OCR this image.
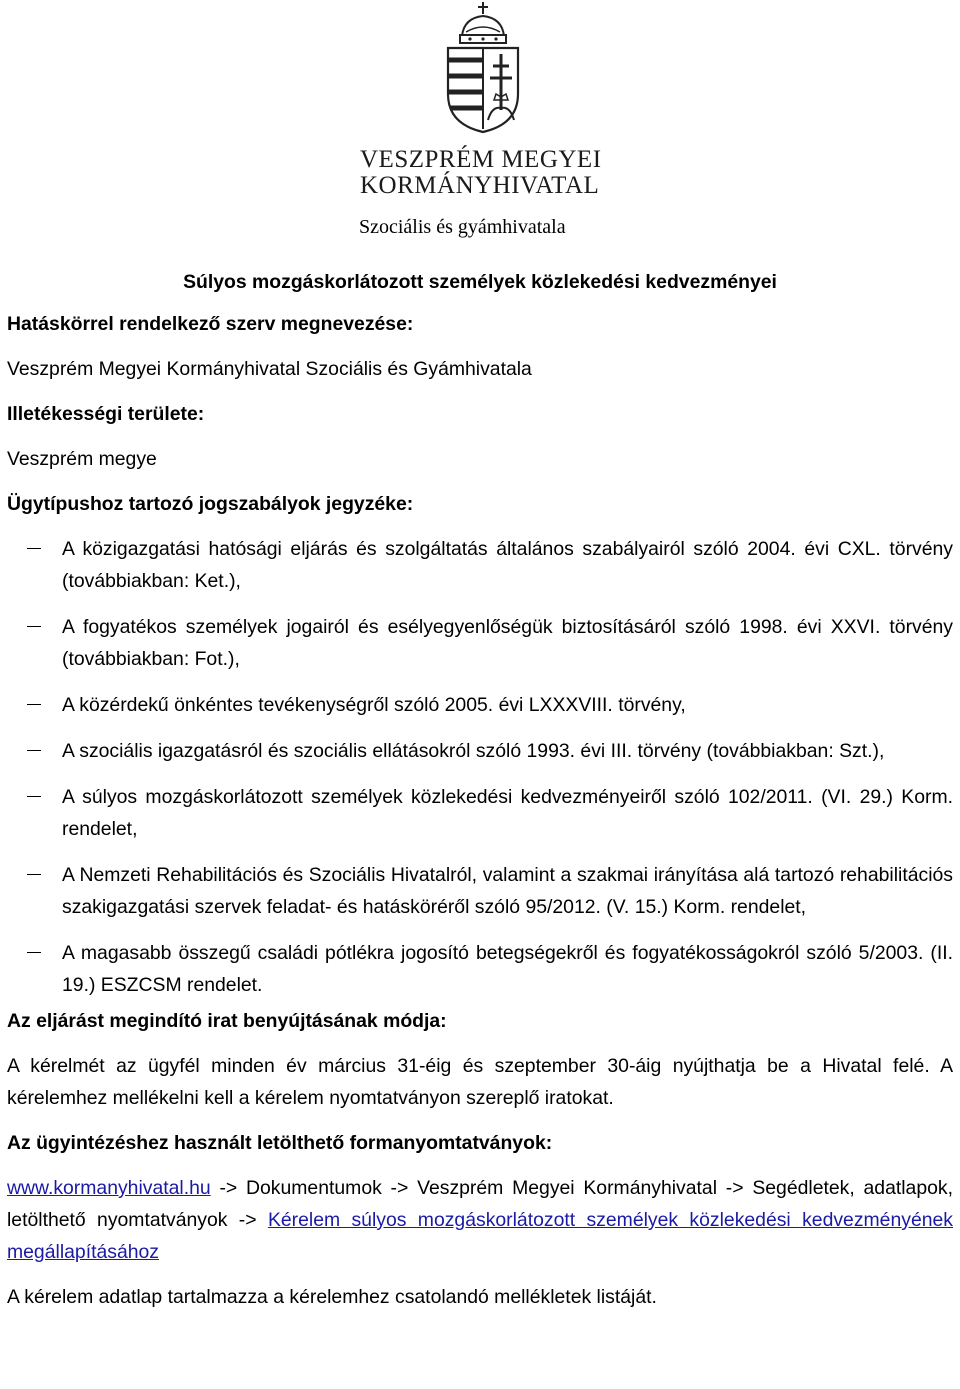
VESZPRÉM MEGYEI
KORMÁNYHIVATAL
Szociális és gyámhivatala
Súlyos mozgáskorlátozott személyek közlekedési kedvezményei
Hatáskörrel rendelkező szerv megnevezése:
Veszprém Megyei Kormányhivatal Szociális és Gyámhivatala
Illetékességi területe:
Veszprém megye
Ügytípushoz tartozó jogszabályok jegyzéke:
A közigazgatási hatósági eljárás és szolgáltatás általános szabályairól szóló 2004. évi CXL. törvény (továbbiakban: Ket.),
A fogyatékos személyek jogairól és esélyegyenlőségük biztosításáról szóló 1998. évi XXVI. törvény (továbbiakban: Fot.),
A közérdekű önkéntes tevékenységről szóló 2005. évi LXXXVIII. törvény,
A szociális igazgatásról és szociális ellátásokról szóló 1993. évi III. törvény (továbbiakban: Szt.),
A súlyos mozgáskorlátozott személyek közlekedési kedvezményeiről szóló 102/2011. (VI. 29.) Korm. rendelet,
A Nemzeti Rehabilitációs és Szociális Hivatalról, valamint a szakmai irányítása alá tartozó rehabilitációs szakigazgatási szervek feladat- és hatásköréről szóló 95/2012. (V. 15.) Korm. rendelet,
A magasabb összegű családi pótlékra jogosító betegségekről és fogyatékosságokról szóló 5/2003. (II. 19.) ESZCSM rendelet.
Az eljárást megindító irat benyújtásának módja:
A kérelmét az ügyfél minden év március 31-éig és szeptember 30-áig nyújthatja be a Hivatal felé. A kérelemhez mellékelni kell a kérelem nyomtatványon szereplő iratokat.
Az ügyintézéshez használt letölthető formanyomtatványok:
www.kormanyhivatal.hu -> Dokumentumok -> Veszprém Megyei Kormányhivatal -> Segédletek, adatlapok, letölthető nyomtatványok -> Kérelem súlyos mozgáskorlátozott személyek közlekedési kedvezményének megállapításához
A kérelem adatlap tartalmazza a kérelemhez csatolandó mellékletek listáját.
